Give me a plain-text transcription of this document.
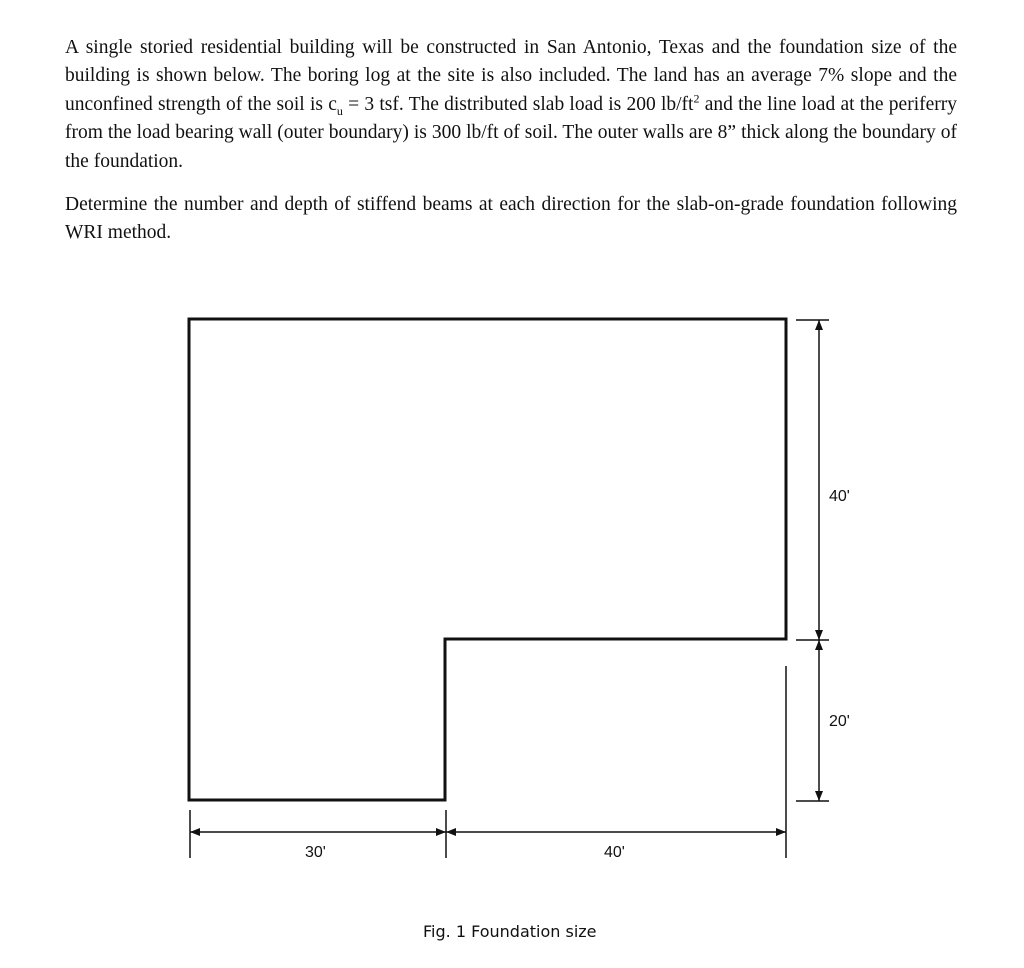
A single storied residential building will be constructed in San Antonio, Texas and the foundation size of the building is shown below. The boring log at the site is also included. The land has an average 7% slope and the unconfined strength of the soil is $c_u = 3$ tsf. The distributed slab load is 200 $lb/ft^2$ and the line load at the periferry from the load bearing wall (outer boundary) is 300 lb/ft of soil. The outer walls are 8” thick along the boundary of the foundation.

Determine the number and depth of stiffend beams at each direction for the slab-on-grade foundation following WRI method.

40'
20'
30'	40'
Fig. 1 Foundation size
